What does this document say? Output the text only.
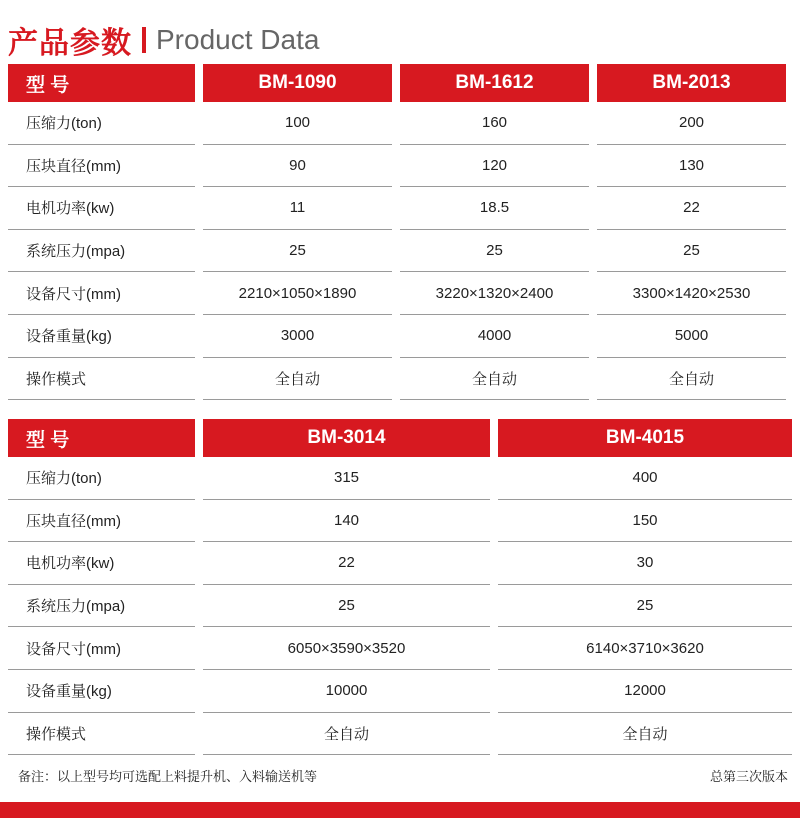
产品参数 Product Data
型 号	BM-1090	BM-1612	BM-2013
压缩力(ton)	100	160	200
压块直径(mm)	90	120	130
电机功率(kw)	11	18.5	22
系统压力(mpa)	25	25	25
设备尺寸(mm)	2210×1050×1890	3220×1320×2400	3300×1420×2530
设备重量(kg)	3000	4000	5000
操作模式	全自动	全自动	全自动
型 号	BM-3014	BM-4015
压缩力(ton)	315	400
压块直径(mm)	140	150
电机功率(kw)	22	30
系统压力(mpa)	25	25
设备尺寸(mm)	6050×3590×3520	6140×3710×3620
设备重量(kg)	10000	12000
操作模式	全自动	全自动
备注：以上型号均可选配上料提升机、入料输送机等	总第三次版本
